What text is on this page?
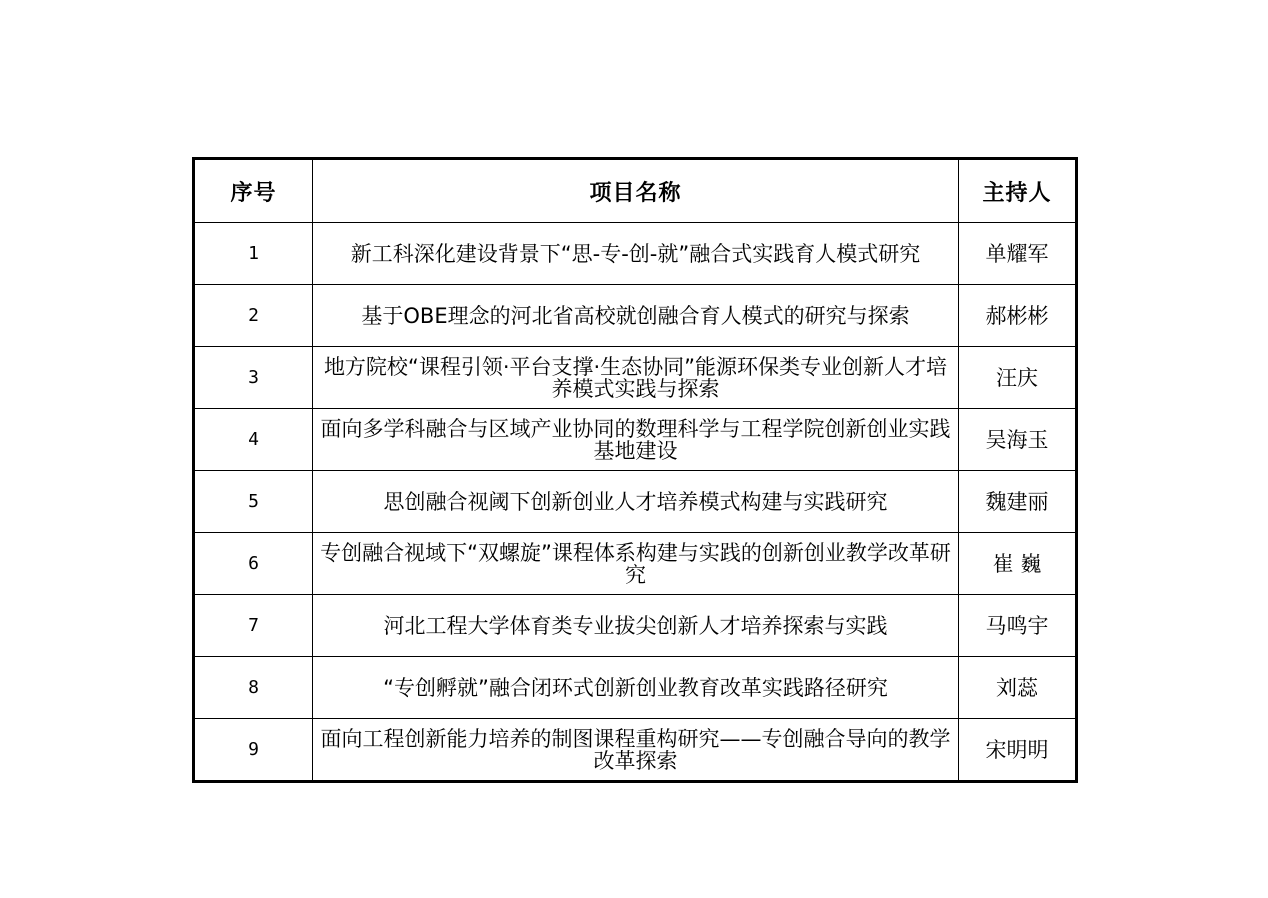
序号	项目名称	主持人
1	新工科深化建设背景下“思-专-创-就”融合式实践育人模式研究	单耀军
2	基于OBE理念的河北省高校就创融合育人模式的研究与探索	郝彬彬
3	地方院校“课程引领·平台支撑·生态协同”能源环保类专业创新人才培养模式实践与探索	汪庆
4	面向多学科融合与区域产业协同的数理科学与工程学院创新创业实践基地建设	吴海玉
5	思创融合视阈下创新创业人才培养模式构建与实践研究	魏建丽
6	专创融合视域下“双螺旋”课程体系构建与实践的创新创业教学改革研究	崔 巍
7	河北工程大学体育类专业拔尖创新人才培养探索与实践	马鸣宇
8	“专创孵就”融合闭环式创新创业教育改革实践路径研究	刘蕊
9	面向工程创新能力培养的制图课程重构研究——专创融合导向的教学改革探索	宋明明
